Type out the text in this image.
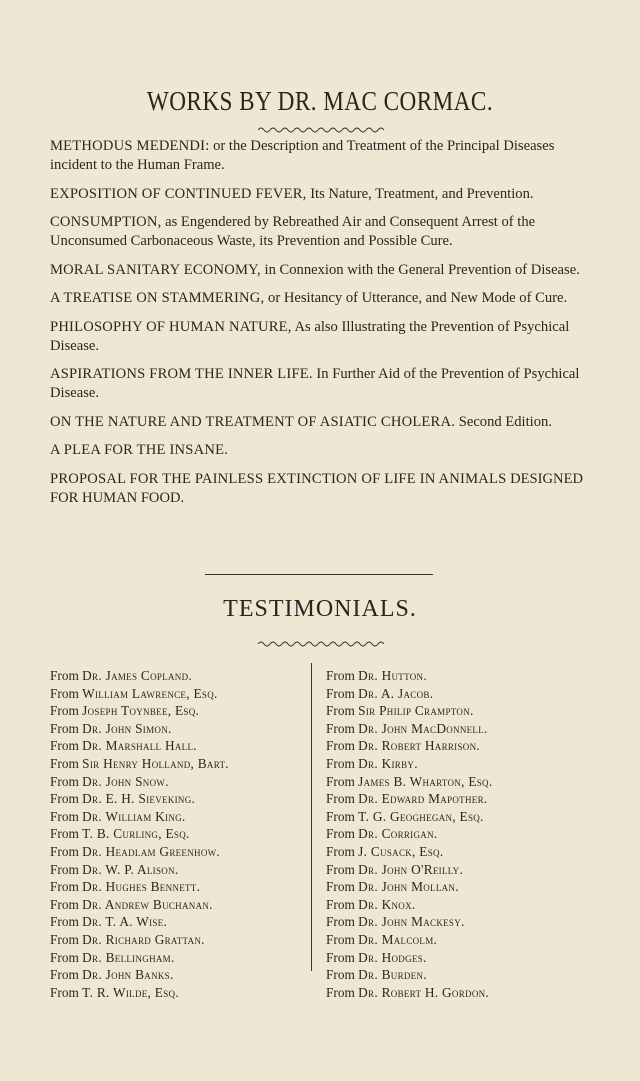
WORKS BY DR. MAC CORMAC.
METHODUS MEDENDI: or the Description and Treatment of the Principal Diseases incident to the Human Frame.
EXPOSITION OF CONTINUED FEVER, Its Nature, Treatment, and Prevention.
CONSUMPTION, as Engendered by Rebreathed Air and Consequent Arrest of the Unconsumed Carbonaceous Waste, its Prevention and Possible Cure.
MORAL SANITARY ECONOMY, in Connexion with the General Prevention of Disease.
A TREATISE ON STAMMERING, or Hesitancy of Utterance, and New Mode of Cure.
PHILOSOPHY OF HUMAN NATURE, As also Illustrating the Prevention of Psychical Disease.
ASPIRATIONS FROM THE INNER LIFE. In Further Aid of the Prevention of Psychical Disease.
ON THE NATURE AND TREATMENT OF ASIATIC CHOLERA. Second Edition.
A PLEA FOR THE INSANE.
PROPOSAL FOR THE PAINLESS EXTINCTION OF LIFE IN ANIMALS DESIGNED FOR HUMAN FOOD.
TESTIMONIALS.
From Dr. James Copland.
From William Lawrence, Esq.
From Joseph Toynbee, Esq.
From Dr. John Simon.
From Dr. Marshall Hall.
From Sir Henry Holland, Bart.
From Dr. John Snow.
From Dr. E. H. Sieveking.
From Dr. William King.
From T. B. Curling, Esq.
From Dr. Headlam Greenhow.
From Dr. W. P. Alison.
From Dr. Hughes Bennett.
From Dr. Andrew Buchanan.
From Dr. T. A. Wise.
From Dr. Richard Grattan.
From Dr. Bellingham.
From Dr. John Banks.
From T. R. Wilde, Esq.
From Dr. Hutton.
From Dr. A. Jacob.
From Sir Philip Crampton.
From Dr. John MacDonnell.
From Dr. Robert Harrison.
From Dr. Kirby.
From James B. Wharton, Esq.
From Dr. Edward Mapother.
From T. G. Geoghegan, Esq.
From Dr. Corrigan.
From J. Cusack, Esq.
From Dr. John O'Reilly.
From Dr. John Mollan.
From Dr. Knox.
From Dr. John Mackesy.
From Dr. Malcolm.
From Dr. Hodges.
From Dr. Burden.
From Dr. Robert H. Gordon.
